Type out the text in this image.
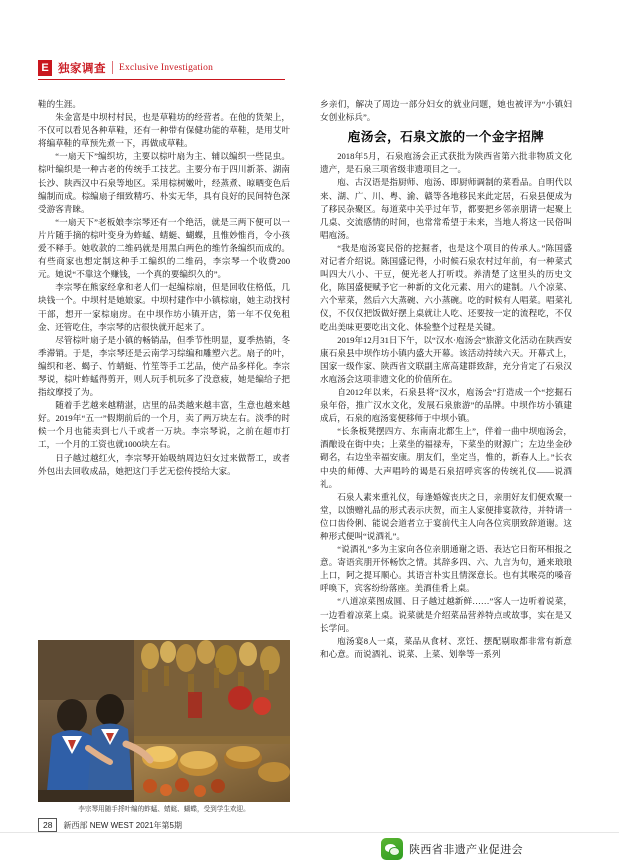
E 独家调查 Exclusive Investigation

鞋的生涯。

朱金富是中坝村村民，也是草鞋坊的经营者。在他的货架上，不仅可以看见各种草鞋，还有一种带有保健功能的草鞋，是用艾叶将编草鞋的草预先煮一下，再做成草鞋。

“一扇天下”编织坊，主要以棕叶扇为主、辅以编织一些昆虫。棕叶编织是一种古老的传统手工技艺。主要分布于四川新茶、湖南长沙、陕西汉中石泉等地区。采用棕树嫩叶，经蒸煮、晾晒变色后编制而成。棕编扇子细致精巧、朴实无华，具有良好的民间特色深受游客青睐。

“一扇天下”老板娘李宗琴还有一个绝活，就是三两下便可以一片片随手摘的棕叶变身为蚱蜢、蜻蜓、蝴蝶，且惟妙惟肖，令小孩爱不释手。她收款的二维码就是用黑白两色的维竹条编织而成的。有些商家也想定制这种手工编织的二维码，李宗琴一个收费200元。她说“不靠这个赚钱，一个真的要编织久的”。

李宗琴在熊家经拿和老人们一起编棕扇，但是回收住格低，几块钱一个。中坝村是她娘家。中坝村建作中小镇棕扇，她主动找村干部，想开一家棕扇房。在中坝作坊小镇开店，第一年不仅免租金、还管吃住，李宗琴的店很快就开起来了。

尽管棕叶扇子是小镇的畅销品，但季节性明显，夏季热销，冬季滞销。于是，李宗琴还是云南学习综编和雕塑六艺。扇子的叶，编织和老、蝎子、竹蜻蜓、竹笙等手工艺品，使产品多样化。李宗琴说，棕叶蚱蜢得剪开，则人玩手机玩多了没意疲，她是编给子把指纹摩授了为。

随着手艺越来越精湛，店里的品类越来越丰富，生意也越来越好。2019年“五一”假期前后的一个月，卖了两万块左右。淡季的时候一个月也能卖到七八千或者一万块。李宗琴说，之前在超市打工，一个月的工资也就1000块左右。

日子越过越红火，李宗琴开始吸纳周边妇女过来做帮工，或者外包出去回收成品，她把这门手艺无偿传授给大家。

乡亲们，解决了周边一部分妇女的就业问题，她也被评为“小镇妇女创业标兵”。

庖汤会，石泉文旅的一个金字招牌

2018年5月，石泉庖汤会正式获批为陕西省第六批非物质文化遗产，是石泉三项省级非遗项目之一。

庖、古汉语是指厨师、庖汤、即厨师调制的菜看品。自明代以来、湖、广、川、粤、渝、赣等各地移民来此定居，石泉县便成为了移民杂聚区。每道菜中关乎过年节，都要把乡邻亲朋请一起聚上几桌、交流感情的时间，也常常希望于未来，当地人将这一民俗叫唱庖汤。

“我是庖汤宴民俗的挖掘者，也是这个项目的传承人。”陈国盛对记者介绍说。陈国盛记得，小时候石泉农村过年前，有一种菜式叫四大八小、干豆，便光老人打听哎。养清楚了这里头的历史文化，陈国盛便赋予它一种新的文化元素、用六的建制。八个凉菜、六个荤菜，然后六大蒸碗、六小蒸碗。吃的时候有人唱菜。唱菜礼仪，不仅仅把饭做好摆上桌就让人吃、还要按一定的流程吃，不仅吃出美味更要吃出文化、体验整个过程是关键。

2019年12月31日下午，以“汉水·庖汤会”旅游文化活动在陕西安康石泉县中坝作坊小镇内盛大开幕。该活动持续六天。开幕式上，国家一级作家、陕西省文联副主席高建群致辞，充分肯定了石泉汉水庖汤会这项非遗文化的价值所在。

自2012年以来，石泉县将“汉水，庖汤会”打造成一个“挖掘石泉年俗，推广汉水文化，发展石泉旅游”的品牌。中坝作坊小镇建成后，石泉的庖汤宴便移师于中坝小镇。

“长条板凳摆四方、东南南北都生上”，伴着一曲中坝庖汤会，酒酿设在街中央；上菜坐的福禄寿，下菜坐的财源广；左边坐金砂砌名，右边坐幸福安康。朋友们，坐定当，惟的，新春人上。”长衣中央的师傅、大声唱吟的谒是石泉招呼宾客的传统礼仪——说酒礼。

石泉人素来重礼仪，每逢婚嫁丧庆之日，亲朋好友们便欢聚一堂，以馈赠礼品的形式表示庆贺，而主人家便排宴款待，并特请一位口齿伶俐、能说会道者立于宴前代主人向各位宾朋致辞道谢。这种形式便叫“说酒礼”。

“说酒礼”多为主家向各位亲朋通谢之语、表达它日衔环相报之意。寄语宾朋开怀畅饮之情。其辞多四、六、九言为句，通来琅琅上口，阿之提耳顺心。其语言朴实且情深意长。也有其喉亮的嗓音呼唤下，宾客纷纷落座。美酒佳肴上桌。

“八道凉菜图成圆、日子越过越新鲜……”客人一边听着说菜，一边看着凉菜上桌。说菜就是介绍菜品营养特点或故事，实在是又长学问。

庖汤宴8人一桌，菜品从食材、烹饪、摆配剔取都非常有新意和心意。而说酒礼、说菜、上菜、划拳等一系列

李宗琴用随手捋叶编的蚱蜢、蜻蜓、蝴蝶，受到学生欢迎。
28	新西部 NEW WEST 2021年第5期
陕西省非遗产业促进会
